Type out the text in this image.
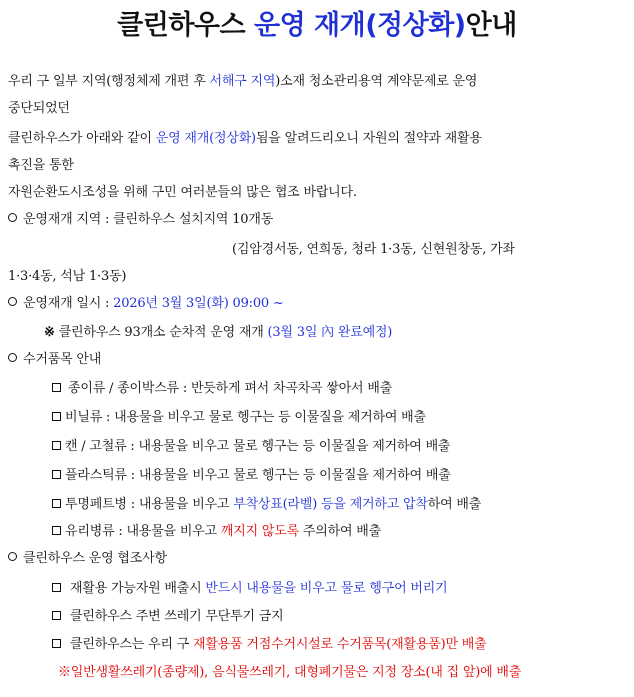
클린하우스 운영 재개(정상화)안내
우리 구 일부 지역(행정체제 개편 후 서해구 지역)소재 청소관리용역 계약문제로 운영
중단되었던
클린하우스가 아래와 같이 운영 재개(정상화)됨을 알려드리오니 자원의 절약과 재활용
촉진을 통한
자원순환도시조성을 위해 구민 여러분들의 많은 협조 바랍니다.
운영재개 지역 : 클린하우스 설치지역 10개동
(김암경서동, 연희동, 청라 1·3동, 신현원창동, 가좌
1·3·4동, 석남 1·3동)
운영재개 일시 : 2026년 3월 3일(화) 09:00 ~
※ 클린하우스 93개소 순차적 운영 재개 (3월 3일 內 완료예정)
수거품목 안내
종이류 / 종이박스류 : 반듯하게 펴서 차곡차곡 쌓아서 배출
비닐류 : 내용물을 비우고 물로 헹구는 등 이물질을 제거하여 배출
캔 / 고철류 : 내용물을 비우고 물로 헹구는 등 이물질을 제거하여 배출
플라스틱류 : 내용물을 비우고 물로 헹구는 등 이물질을 제거하여 배출
투명페트병 : 내용물을 비우고 부착상표(라벨) 등을 제거하고 압착하여 배출
유리병류 : 내용물을 비우고 깨지지 않도록 주의하여 배출
클린하우스 운영 협조사항
재활용 가능자원 배출시 반드시 내용물을 비우고 물로 헹구어 버리기
클린하우스 주변 쓰레기 무단투기 금지
클린하우스는 우리 구 재활용품 거점수거시설로 수거품목(재활용품)만 배출
※일반생활쓰레기(종량제), 음식물쓰레기, 대형폐기물은 지정 장소(내 집 앞)에 배출
